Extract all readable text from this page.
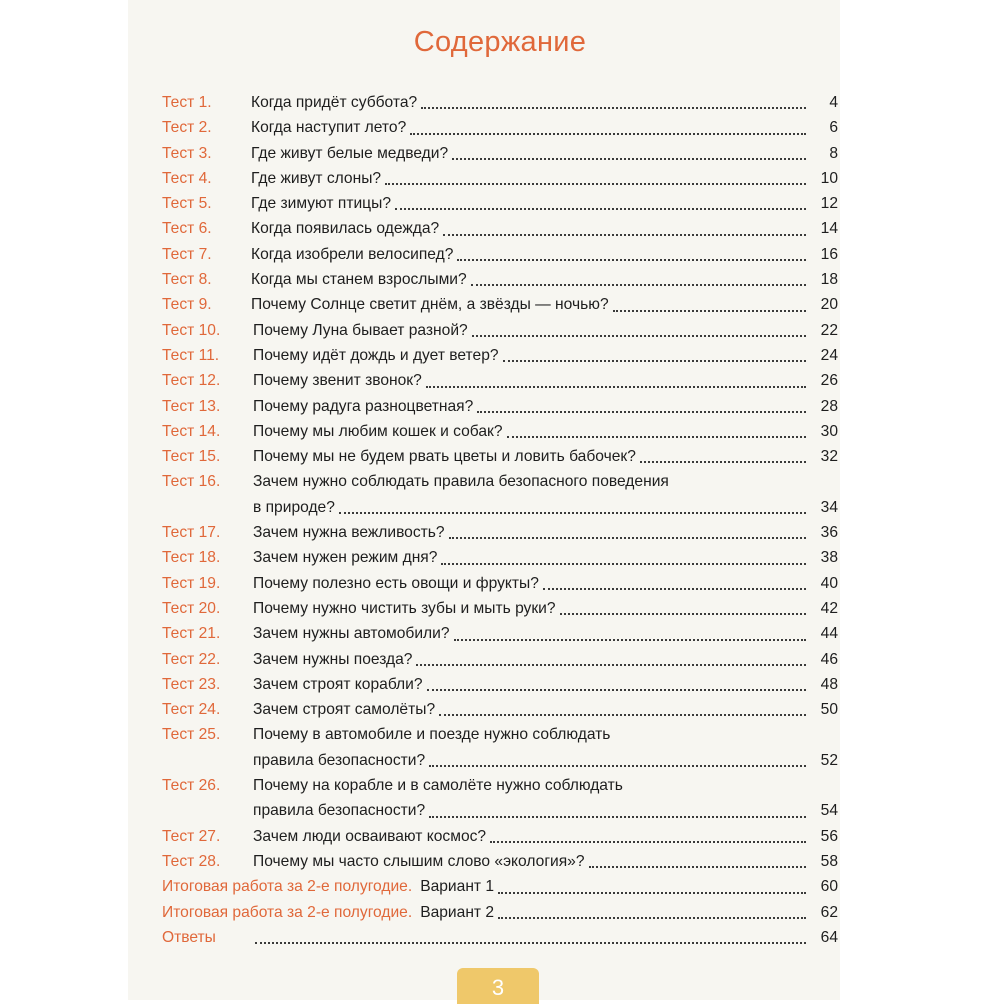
Содержание
Тест 1.	Когда придёт суббота?	4
Тест 2.	Когда наступит лето?	6
Тест 3.	Где живут белые медведи?	8
Тест 4.	Где живут слоны?	10
Тест 5.	Где зимуют птицы?	12
Тест 6.	Когда появилась одежда?	14
Тест 7.	Когда изобрели велосипед?	16
Тест 8.	Когда мы станем взрослыми?	18
Тест 9.	Почему Солнце светит днём, а звёзды — ночью?	20
Тест 10.	Почему Луна бывает разной?	22
Тест 11.	Почему идёт дождь и дует ветер?	24
Тест 12.	Почему звенит звонок?	26
Тест 13.	Почему радуга разноцветная?	28
Тест 14.	Почему мы любим кошек и собак?	30
Тест 15.	Почему мы не будем рвать цветы и ловить бабочек?	32
Тест 16.	Зачем нужно соблюдать правила безопасного поведения
в природе?	34
Тест 17.	Зачем нужна вежливость?	36
Тест 18.	Зачем нужен режим дня?	38
Тест 19.	Почему полезно есть овощи и фрукты?	40
Тест 20.	Почему нужно чистить зубы и мыть руки?	42
Тест 21.	Зачем нужны автомобили?	44
Тест 22.	Зачем нужны поезда?	46
Тест 23.	Зачем строят корабли?	48
Тест 24.	Зачем строят самолёты?	50
Тест 25.	Почему в автомобиле и поезде нужно соблюдать
правила безопасности?	52
Тест 26.	Почему на корабле и в самолёте нужно соблюдать
правила безопасности?	54
Тест 27.	Зачем люди осваивают космос?	56
Тест 28.	Почему мы часто слышим слово «экология»?	58
Итоговая работа за 2-е полугодие. Вариант 1	60
Итоговая работа за 2-е полугодие. Вариант 2	62
Ответы	64
3
